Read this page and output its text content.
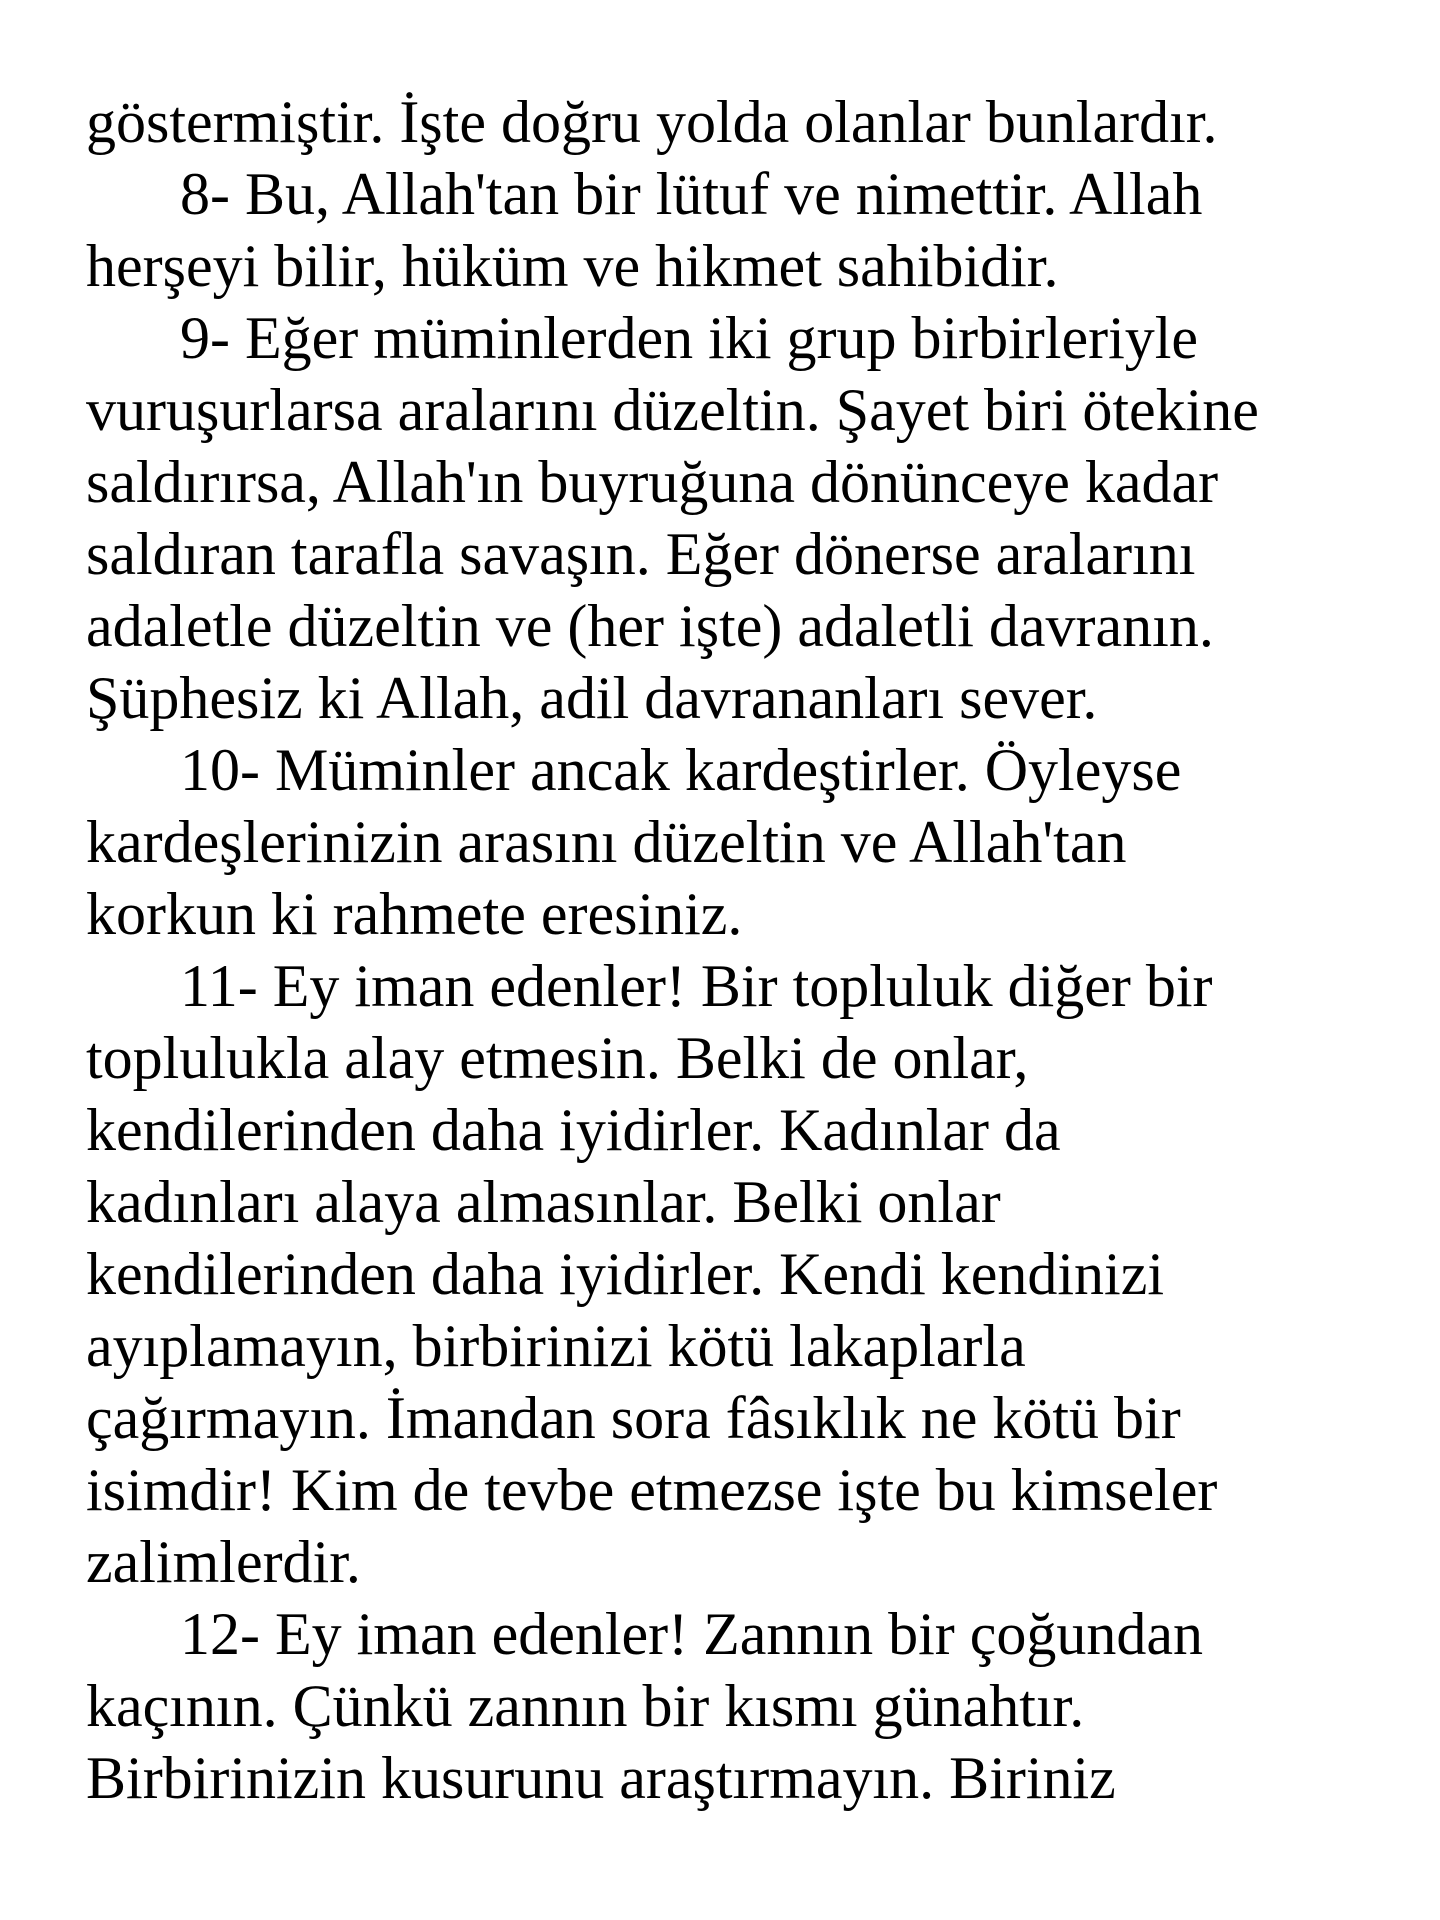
göstermiştir. İşte doğru yolda olanlar bunlardır.
8- Bu, Allah'tan bir lütuf ve nimettir. Allah
herşeyi bilir, hüküm ve hikmet sahibidir.
9- Eğer müminlerden iki grup birbirleriyle
vuruşurlarsa aralarını düzeltin. Şayet biri ötekine
saldırırsa, Allah'ın buyruğuna dönünceye kadar
saldıran tarafla savaşın. Eğer dönerse aralarını
adaletle düzeltin ve (her işte) adaletli davranın.
Şüphesiz ki Allah, adil davrananları sever.
10- Müminler ancak kardeştirler. Öyleyse
kardeşlerinizin arasını düzeltin ve Allah'tan
korkun ki rahmete eresiniz.
11- Ey iman edenler! Bir topluluk diğer bir
toplulukla alay etmesin. Belki de onlar,
kendilerinden daha iyidirler. Kadınlar da
kadınları alaya almasınlar. Belki onlar
kendilerinden daha iyidirler. Kendi kendinizi
ayıplamayın, birbirinizi kötü lakaplarla
çağırmayın. İmandan sora fâsıklık ne kötü bir
isimdir! Kim de tevbe etmezse işte bu kimseler
zalimlerdir.
12- Ey iman edenler! Zannın bir çoğundan
kaçının. Çünkü zannın bir kısmı günahtır.
Birbirinizin kusurunu araştırmayın. Biriniz
